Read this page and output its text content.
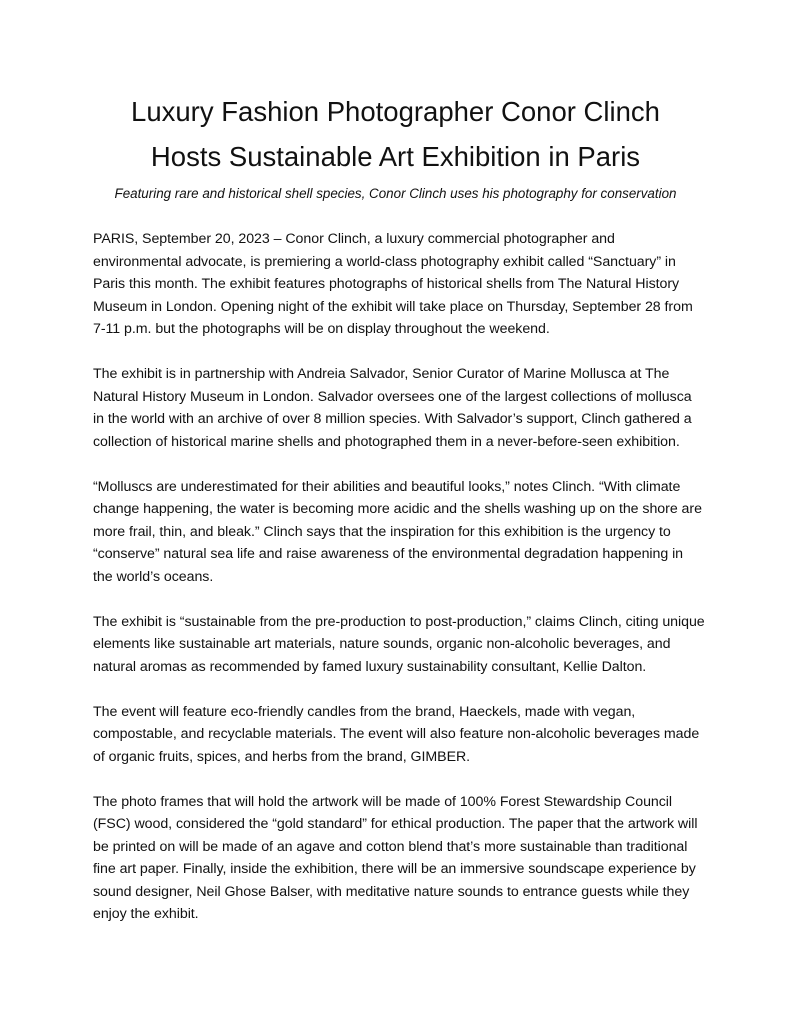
Luxury Fashion Photographer Conor Clinch
Hosts Sustainable Art Exhibition in Paris

Featuring rare and historical shell species, Conor Clinch uses his photography for conservation

PARIS, September 20, 2023 – Conor Clinch, a luxury commercial photographer and environmental advocate, is premiering a world-class photography exhibit called “Sanctuary” in Paris this month. The exhibit features photographs of historical shells from The Natural History Museum in London. Opening night of the exhibit will take place on Thursday, September 28 from 7-11 p.m. but the photographs will be on display throughout the weekend.

The exhibit is in partnership with Andreia Salvador, Senior Curator of Marine Mollusca at The Natural History Museum in London. Salvador oversees one of the largest collections of mollusca in the world with an archive of over 8 million species. With Salvador’s support, Clinch gathered a collection of historical marine shells and photographed them in a never-before-seen exhibition.

“Molluscs are underestimated for their abilities and beautiful looks,” notes Clinch. “With climate change happening, the water is becoming more acidic and the shells washing up on the shore are more frail, thin, and bleak.” Clinch says that the inspiration for this exhibition is the urgency to “conserve” natural sea life and raise awareness of the environmental degradation happening in the world’s oceans.

The exhibit is “sustainable from the pre-production to post-production,” claims Clinch, citing unique elements like sustainable art materials, nature sounds, organic non-alcoholic beverages, and natural aromas as recommended by famed luxury sustainability consultant, Kellie Dalton.

The event will feature eco-friendly candles from the brand, Haeckels, made with vegan, compostable, and recyclable materials. The event will also feature non-alcoholic beverages made of organic fruits, spices, and herbs from the brand, GIMBER.

The photo frames that will hold the artwork will be made of 100% Forest Stewardship Council (FSC) wood, considered the “gold standard” for ethical production. The paper that the artwork will be printed on will be made of an agave and cotton blend that’s more sustainable than traditional fine art paper. Finally, inside the exhibition, there will be an immersive soundscape experience by sound designer, Neil Ghose Balser, with meditative nature sounds to entrance guests while they enjoy the exhibit.
